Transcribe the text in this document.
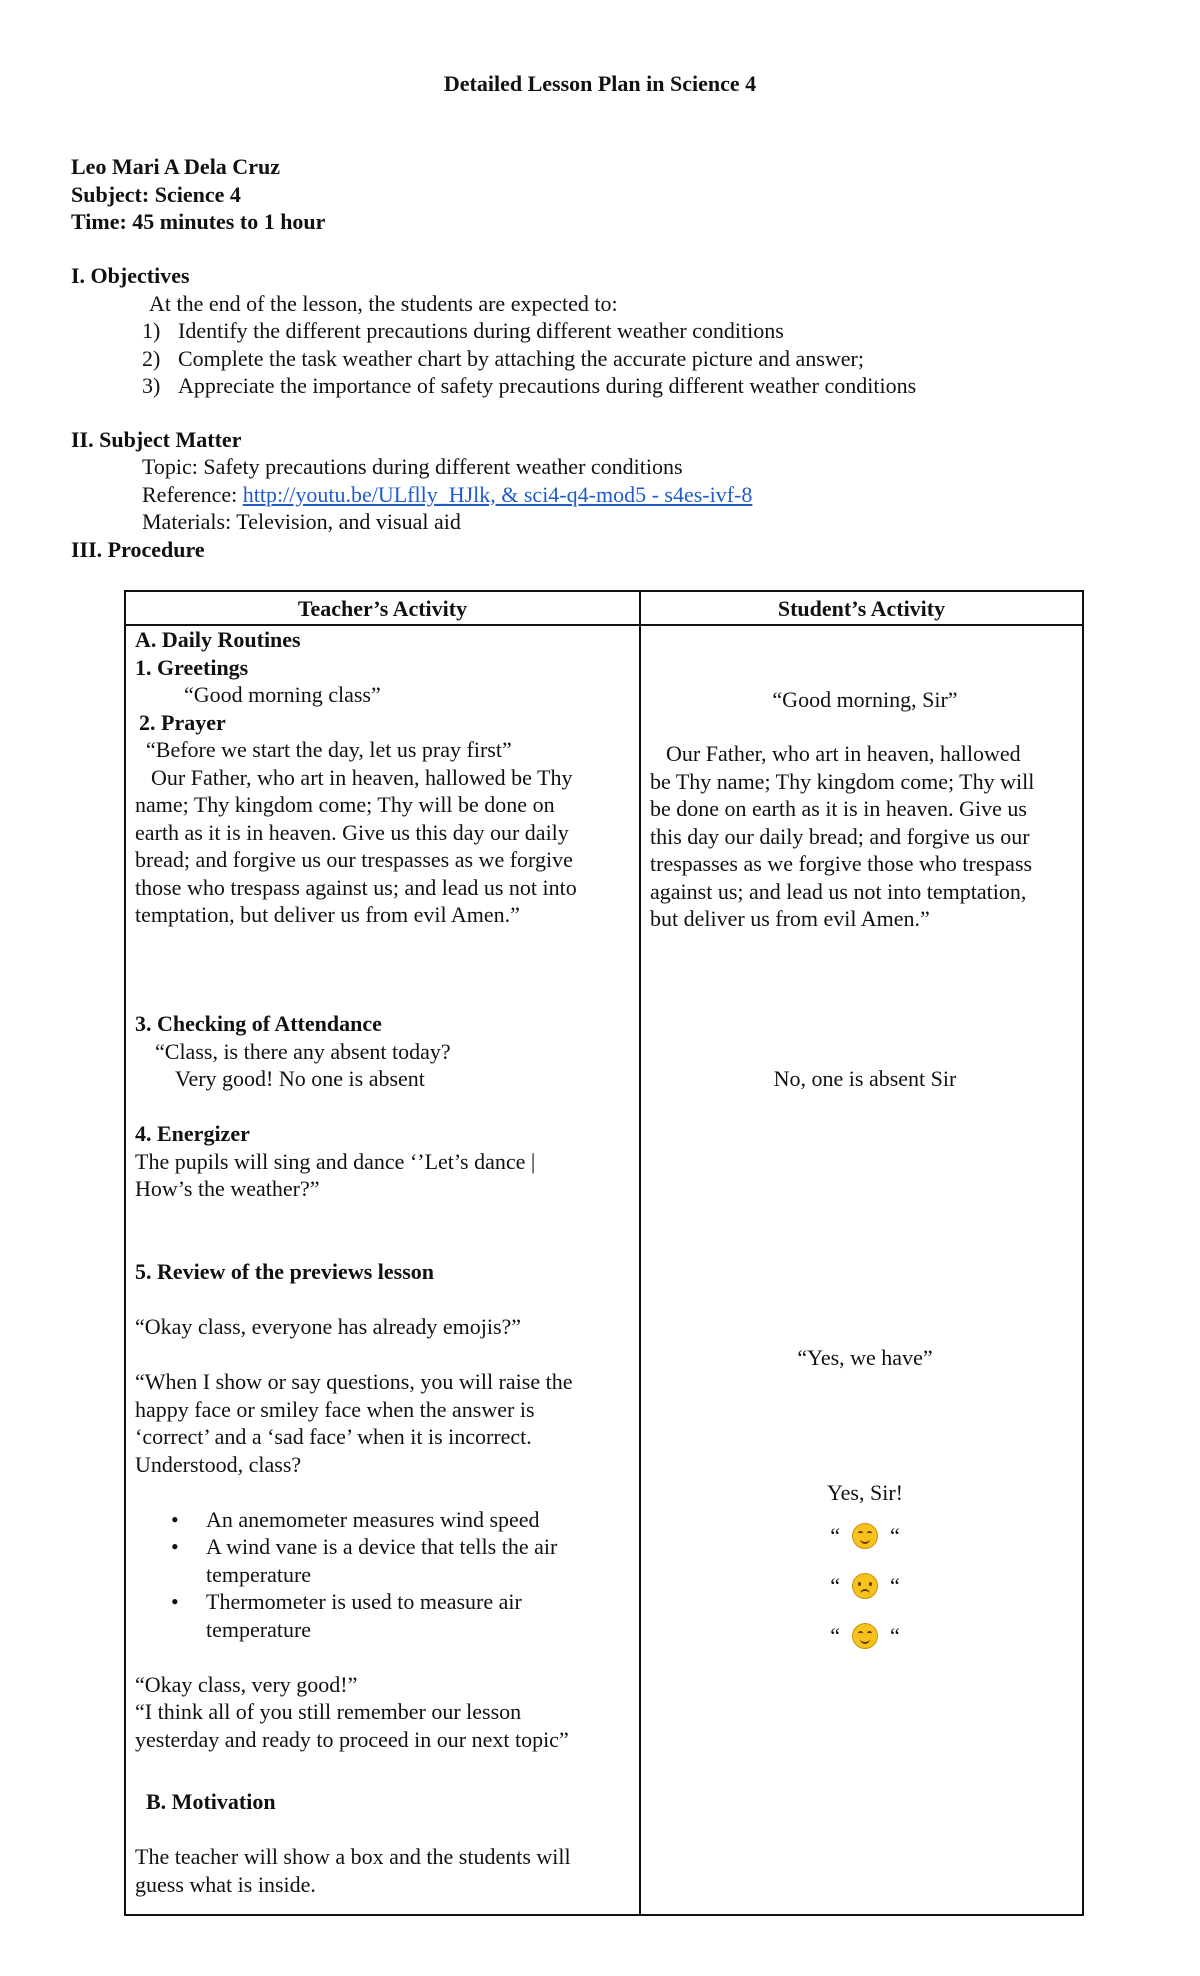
Detailed Lesson Plan in Science 4
Leo Mari A Dela Cruz
Subject: Science 4
Time: 45 minutes to 1 hour
I. Objectives
At the end of the lesson, the students are expected to:
1) Identify the different precautions during different weather conditions
2) Complete the task weather chart by attaching the accurate picture and answer;
3) Appreciate the importance of safety precautions during different weather conditions
II. Subject Matter
Topic: Safety precautions during different weather conditions
Reference: http://youtu.be/ULflly_HJlk, & sci4-q4-mod5 - s4es-ivf-8
Materials: Television, and visual aid
III. Procedure
Teacher’s Activity	Student’s Activity
A. Daily Routines
1. Greetings
“Good morning class”
2. Prayer
“Before we start the day, let us pray first”
Our Father, who art in heaven, hallowed be Thy
name; Thy kingdom come; Thy will be done on
earth as it is in heaven. Give us this day our daily
bread; and forgive us our trespasses as we forgive
those who trespass against us; and lead us not into
temptation, but deliver us from evil Amen.”
3. Checking of Attendance
“Class, is there any absent today?
Very good! No one is absent
4. Energizer
The pupils will sing and dance ‘’Let’s dance |
How’s the weather?”
5. Review of the previews lesson
“Okay class, everyone has already emojis?”
“When I show or say questions, you will raise the
happy face or smiley face when the answer is
‘correct’ and a ‘sad face’ when it is incorrect.
Understood, class?
• An anemometer measures wind speed
• A wind vane is a device that tells the air
temperature
• Thermometer is used to measure air
temperature
“Okay class, very good!”
“I think all of you still remember our lesson
yesterday and ready to proceed in our next topic”
B. Motivation
The teacher will show a box and the students will
guess what is inside.
“Good morning, Sir”
Our Father, who art in heaven, hallowed
be Thy name; Thy kingdom come; Thy will
be done on earth as it is in heaven. Give us
this day our daily bread; and forgive us our
trespasses as we forgive those who trespass
against us; and lead us not into temptation,
but deliver us from evil Amen.”
No, one is absent Sir
“Yes, we have”
Yes, Sir!
“ “
“ “
“ “
